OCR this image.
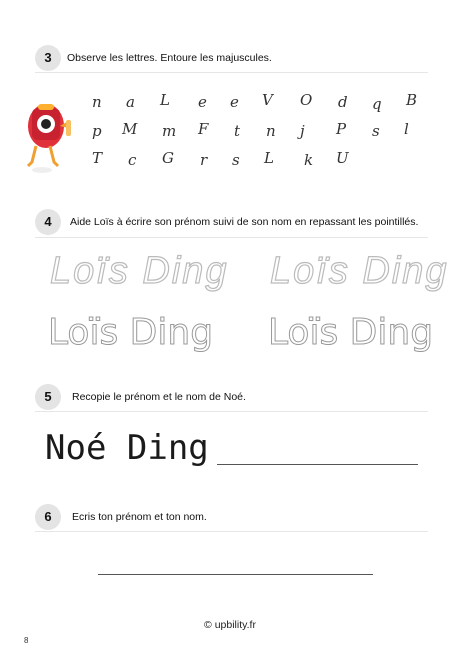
3	Observe les lettres. Entoure les majuscules.
n a L e e V O d q B
p M m F t n j P s l
T c G r s L k U
4	Aide Loïs à écrire son prénom suivi de son nom en repassant les pointillés.
Loïs Ding Loïs Ding
Loïs Ding Loïs Ding
5	Recopie le prénom et le nom de Noé.
Noé Ding
6	Ecris ton prénom et ton nom.
© upbility.fr
8
